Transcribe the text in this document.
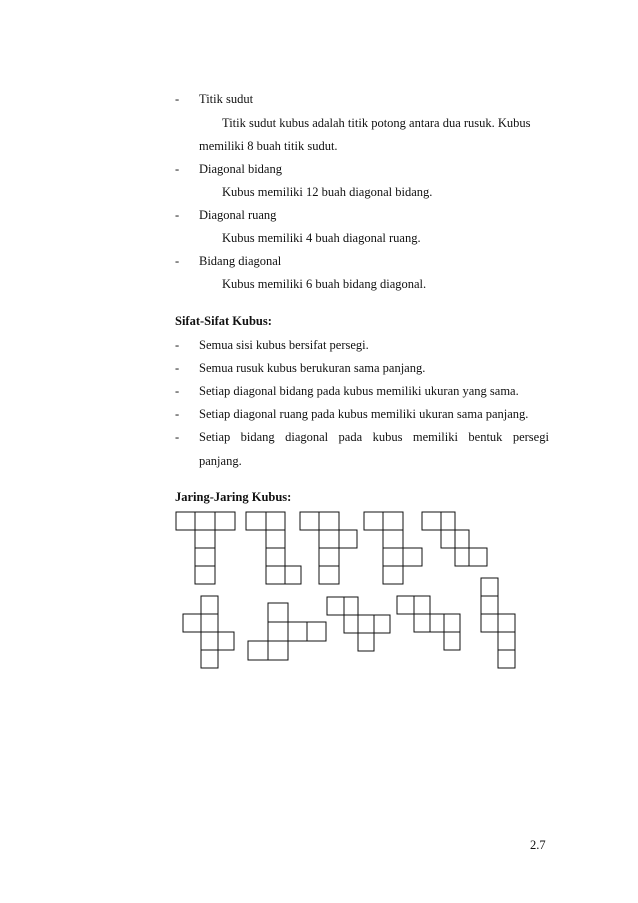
- Titik sudut
Titik sudut kubus adalah titik potong antara dua rusuk. Kubus
memiliki 8 buah titik sudut.
- Diagonal bidang
Kubus memiliki 12 buah diagonal bidang.
- Diagonal ruang
Kubus memiliki 4 buah diagonal ruang.
- Bidang diagonal
Kubus memiliki 6 buah bidang diagonal.
Sifat-Sifat Kubus:
- Semua sisi kubus bersifat persegi.
- Semua rusuk kubus berukuran sama panjang.
- Setiap diagonal bidang pada kubus memiliki ukuran yang sama.
- Setiap diagonal ruang pada kubus memiliki ukuran sama panjang.
- Setiap bidang diagonal pada kubus memiliki bentuk persegi
panjang.
Jaring-Jaring Kubus:
2.7
